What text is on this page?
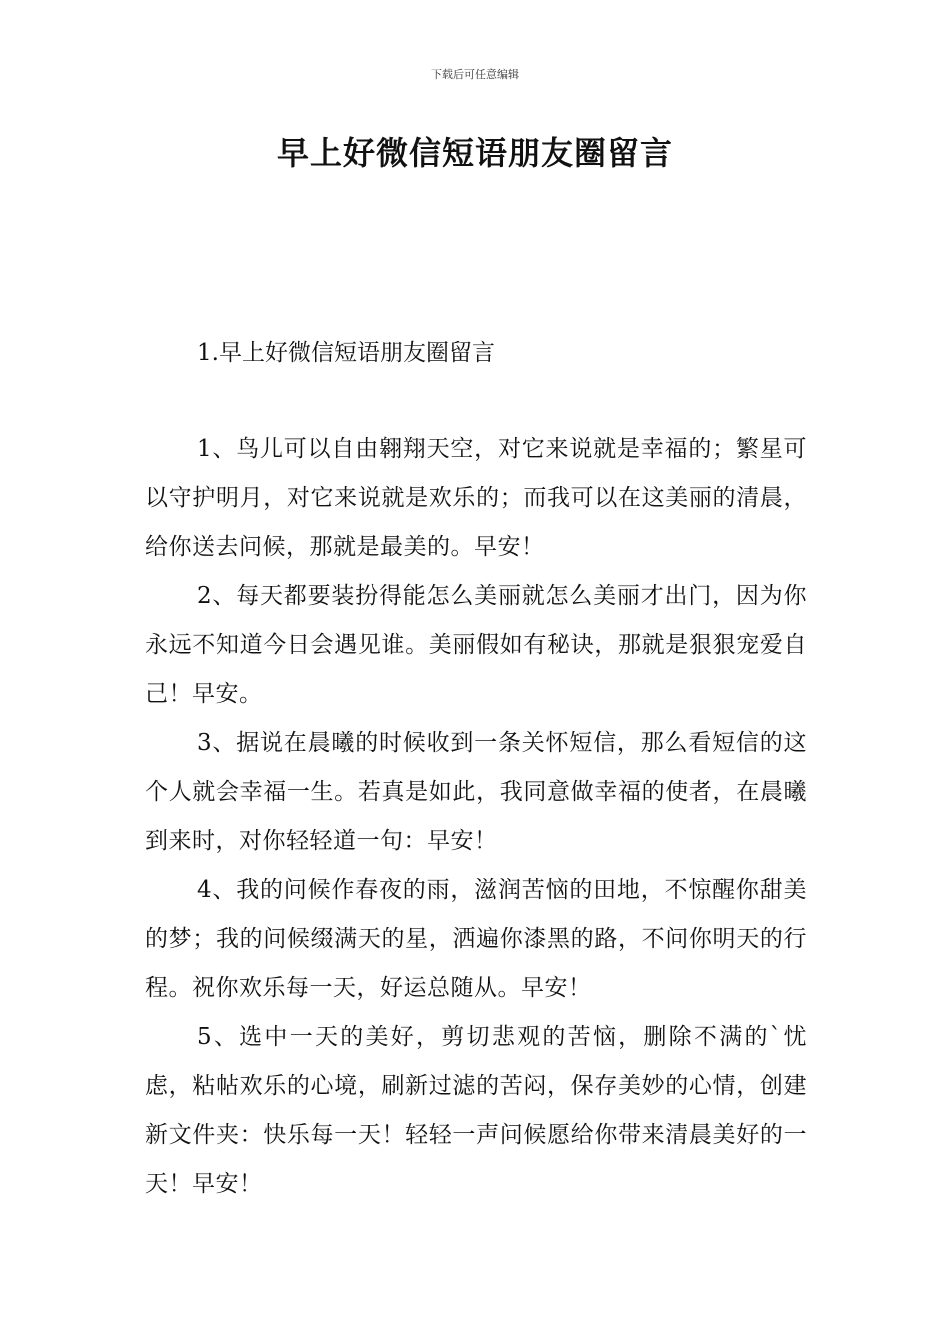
下载后可任意编辑
早上好微信短语朋友圈留言
1.早上好微信短语朋友圈留言

1、鸟儿可以自由翱翔天空，对它来说就是幸福的；繁星可以守护明月，对它来说就是欢乐的；而我可以在这美丽的清晨，给你送去问候，那就是最美的。早安！

2、每天都要装扮得能怎么美丽就怎么美丽才出门，因为你永远不知道今日会遇见谁。美丽假如有秘诀，那就是狠狠宠爱自己！早安。

3、据说在晨曦的时候收到一条关怀短信，那么看短信的这个人就会幸福一生。若真是如此，我同意做幸福的使者，在晨曦到来时，对你轻轻道一句：早安！

4、我的问候作春夜的雨，滋润苦恼的田地，不惊醒你甜美的梦；我的问候缀满天的星，洒遍你漆黑的路，不问你明天的行程。祝你欢乐每一天，好运总随从。早安！

5、选中一天的美好，剪切悲观的苦恼，删除不满的`忧虑，粘帖欢乐的心境，刷新过滤的苦闷，保存美妙的心情，创建新文件夹：快乐每一天！轻轻一声问候愿给你带来清晨美好的一天！早安！
